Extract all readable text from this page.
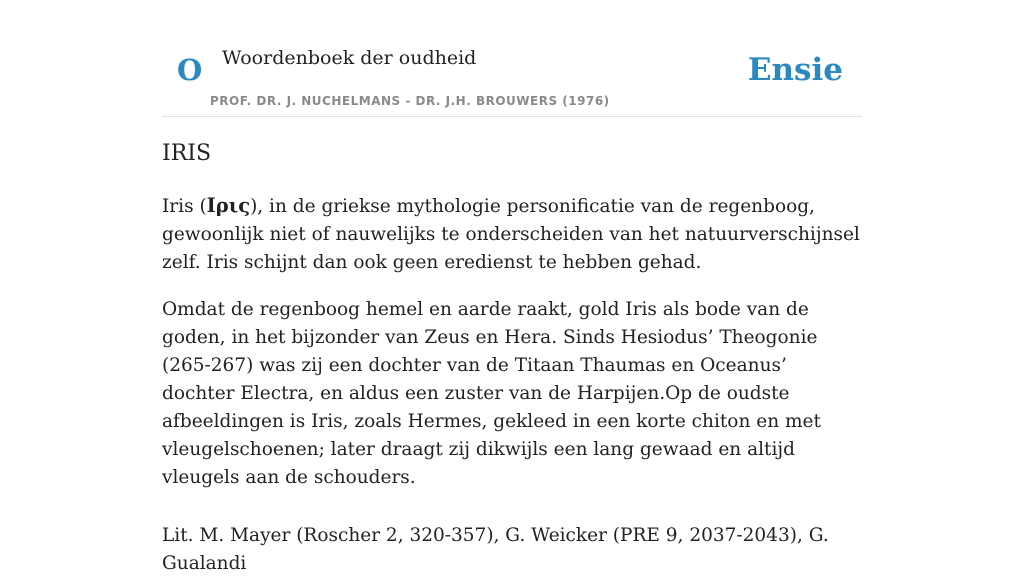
O Woordenboek der oudheid
PROF. DR. J. NUCHELMANS - DR. J.H. BROUWERS (1976)
Ensie
IRIS

Iris (Ιρις), in de griekse mythologie personificatie van de regenboog, gewoonlijk niet of nauwelijks te onderscheiden van het natuurverschijnsel zelf. Iris schijnt dan ook geen eredienst te hebben gehad.

Omdat de regenboog hemel en aarde raakt, gold Iris als bode van de goden, in het bijzonder van Zeus en Hera. Sinds Hesiodus’ Theogonie (265-267) was zij een dochter van de Titaan Thaumas en Oceanus’ dochter Electra, en aldus een zuster van de Harpijen.Op de oudste afbeeldingen is Iris, zoals Hermes, gekleed in een korte chiton en met vleugelschoenen; later draagt zij dikwijls een lang gewaad en altijd vleugels aan de schouders.

Lit. M. Mayer (Roscher 2, 320-357), G. Weicker (PRE 9, 2037-2043), G. Gualandi
